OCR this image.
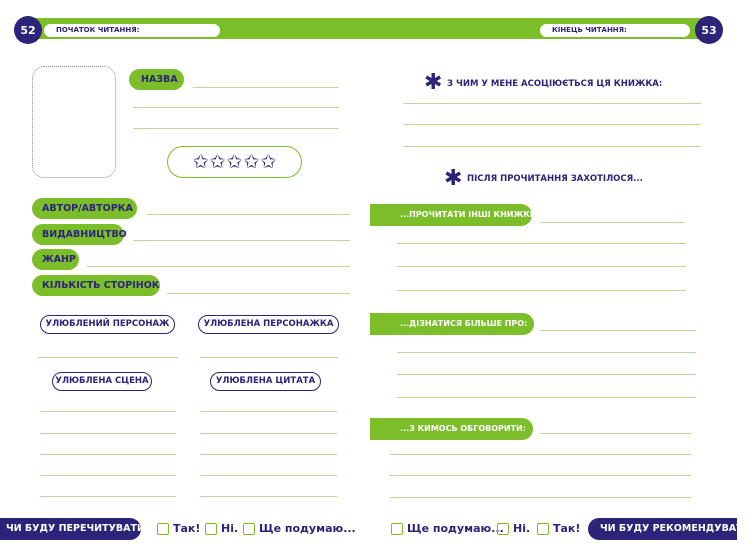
52	53
ПОЧАТОК ЧИТАННЯ:	КІНЕЦЬ ЧИТАННЯ:
НАЗВА
✩ ✩ ✩ ✩ ✩
АВТОР/АВТОРКА
ВИДАВНИЦТВО
ЖАНР
КІЛЬКІСТЬ СТОРІНОК
УЛЮБЛЕНИЙ ПЕРСОНАЖ	УЛЮБЛЕНА ПЕРСОНАЖКА
УЛЮБЛЕНА СЦЕНА	УЛЮБЛЕНА ЦИТАТА
✱ З ЧИМ У МЕНЕ АСОЦІЮЄТЬСЯ ЦЯ КНИЖКА:
✱ ПІСЛЯ ПРОЧИТАННЯ ЗАХОТІЛОСЯ...
...ПРОЧИТАТИ ІНШІ КНИЖКИ:
...ДІЗНАТИСЯ БІЛЬШЕ ПРО:
...З КИМОСЬ ОБГОВОРИТИ:
ЧИ БУДУ ПЕРЕЧИТУВАТИ? Так! Ні. Ще подумаю...	Ще подумаю... Ні. Так!	ЧИ БУДУ РЕКОМЕНДУВАТИ?
